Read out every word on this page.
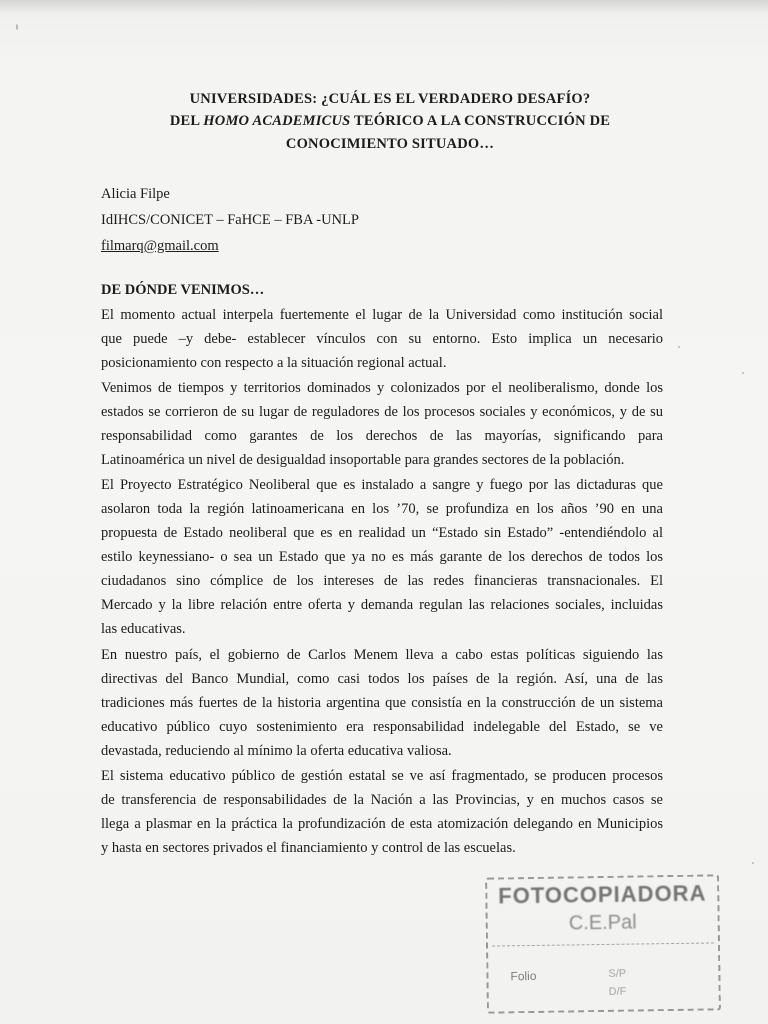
UNIVERSIDADES: ¿CUÁL ES EL VERDADERO DESAFÍO?
DEL HOMO ACADEMICUS TEÓRICO A LA CONSTRUCCIÓN DE
CONOCIMIENTO SITUADO…
Alicia Filpe
IdIHCS/CONICET – FaHCE – FBA -UNLP
filmarq@gmail.com
DE DÓNDE VENIMOS…
El momento actual interpela fuertemente el lugar de la Universidad como institución social
que puede –y debe- establecer vínculos con su entorno. Esto implica un necesario
posicionamiento con respecto a la situación regional actual.
Venimos de tiempos y territorios dominados y colonizados por el neoliberalismo, donde los
estados se corrieron de su lugar de reguladores de los procesos sociales y económicos, y de su
responsabilidad como garantes de los derechos de las mayorías, significando para
Latinoamérica un nivel de desigualdad insoportable para grandes sectores de la población.
El Proyecto Estratégico Neoliberal que es instalado a sangre y fuego por las dictaduras que
asolaron toda la región latinoamericana en los ’70, se profundiza en los años ’90 en una
propuesta de Estado neoliberal que es en realidad un “Estado sin Estado” -entendiéndolo al
estilo keynessiano- o sea un Estado que ya no es más garante de los derechos de todos los
ciudadanos sino cómplice de los intereses de las redes financieras transnacionales. El
Mercado y la libre relación entre oferta y demanda regulan las relaciones sociales, incluidas
las educativas.
En nuestro país, el gobierno de Carlos Menem lleva a cabo estas políticas siguiendo las
directivas del Banco Mundial, como casi todos los países de la región. Así, una de las
tradiciones más fuertes de la historia argentina que consistía en la construcción de un sistema
educativo público cuyo sostenimiento era responsabilidad indelegable del Estado, se ve
devastada, reduciendo al mínimo la oferta educativa valiosa.
El sistema educativo público de gestión estatal se ve así fragmentado, se producen procesos
de transferencia de responsabilidades de la Nación a las Provincias, y en muchos casos se
llega a plasmar en la práctica la profundización de esta atomización delegando en Municipios
y hasta en sectores privados el financiamiento y control de las escuelas.
FOTOCOPIADORA
C.E.Pal
Folio	S/P
D/F
